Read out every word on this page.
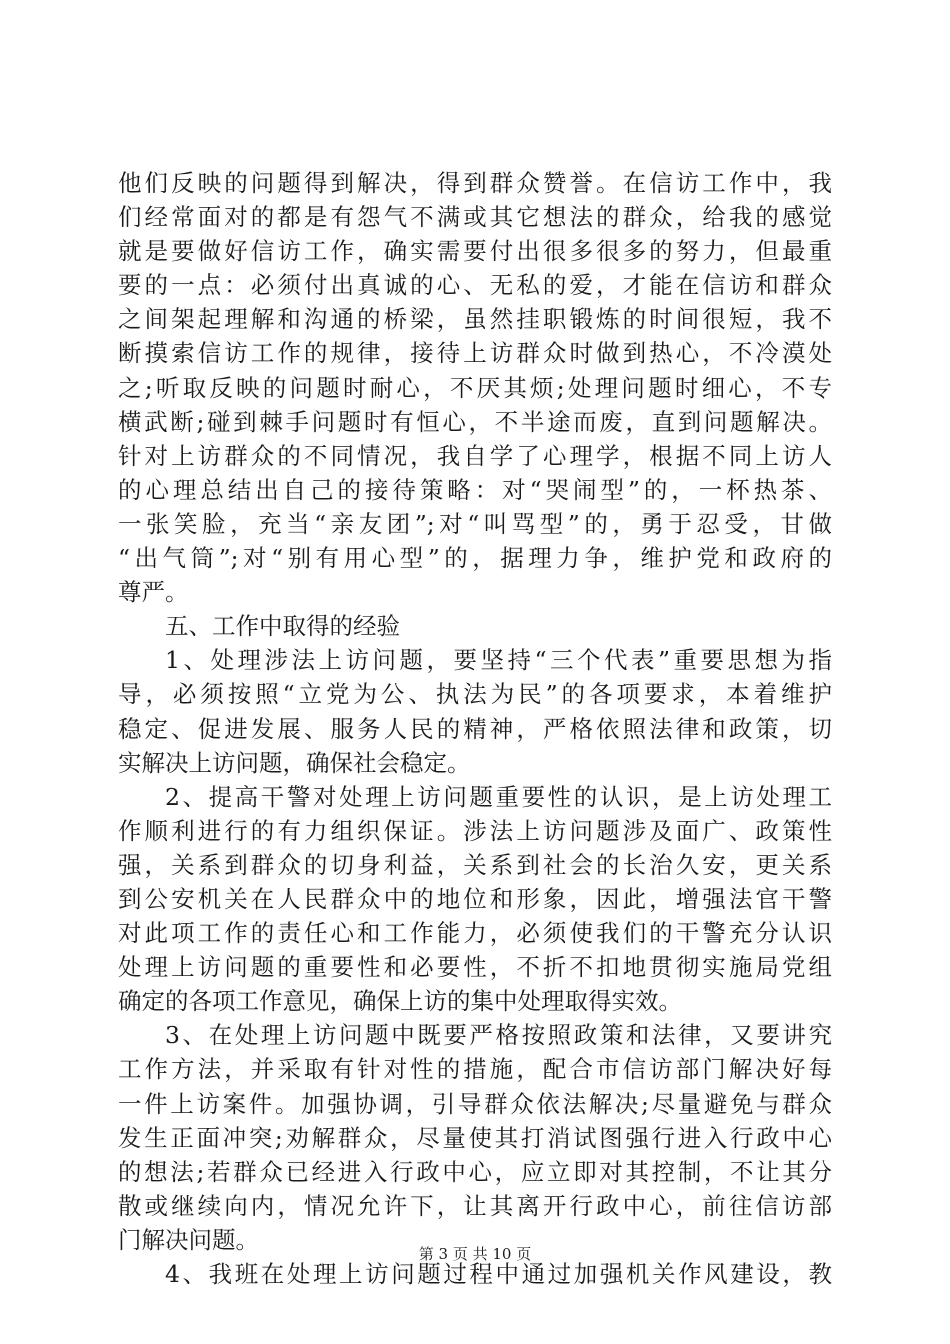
他们反映的问题得到解决，得到群众赞誉。在信访工作中，我
们经常面对的都是有怨气不满或其它想法的群众，给我的感觉
就是要做好信访工作，确实需要付出很多很多的努力，但最重
要的一点：必须付出真诚的心、无私的爱，才能在信访和群众
之间架起理解和沟通的桥梁，虽然挂职锻炼的时间很短，我不
断摸索信访工作的规律，接待上访群众时做到热心，不冷漠处
之;听取反映的问题时耐心，不厌其烦;处理问题时细心，不专
横武断;碰到棘手问题时有恒心，不半途而废，直到问题解决。
针对上访群众的不同情况，我自学了心理学，根据不同上访人
的心理总结出自己的接待策略：对“哭闹型”的，一杯热茶、
一张笑脸，充当“亲友团”;对“叫骂型”的，勇于忍受，甘做
“出气筒”;对“别有用心型”的，据理力争，维护党和政府的
尊严。
五、工作中取得的经验
1、处理涉法上访问题，要坚持“三个代表”重要思想为指
导，必须按照“立党为公、执法为民”的各项要求，本着维护
稳定、促进发展、服务人民的精神，严格依照法律和政策，切
实解决上访问题，确保社会稳定。
2、提高干警对处理上访问题重要性的认识，是上访处理工
作顺利进行的有力组织保证。涉法上访问题涉及面广、政策性
强，关系到群众的切身利益，关系到社会的长治久安，更关系
到公安机关在人民群众中的地位和形象，因此，增强法官干警
对此项工作的责任心和工作能力，必须使我们的干警充分认识
处理上访问题的重要性和必要性，不折不扣地贯彻实施局党组
确定的各项工作意见，确保上访的集中处理取得实效。
3、在处理上访问题中既要严格按照政策和法律，又要讲究
工作方法，并采取有针对性的措施，配合市信访部门解决好每
一件上访案件。加强协调，引导群众依法解决;尽量避免与群众
发生正面冲突;劝解群众，尽量使其打消试图强行进入行政中心
的想法;若群众已经进入行政中心，应立即对其控制，不让其分
散或继续向内，情况允许下，让其离开行政中心，前往信访部
门解决问题。
4、我班在处理上访问题过程中通过加强机关作风建设，教
第 3 页 共 10 页
